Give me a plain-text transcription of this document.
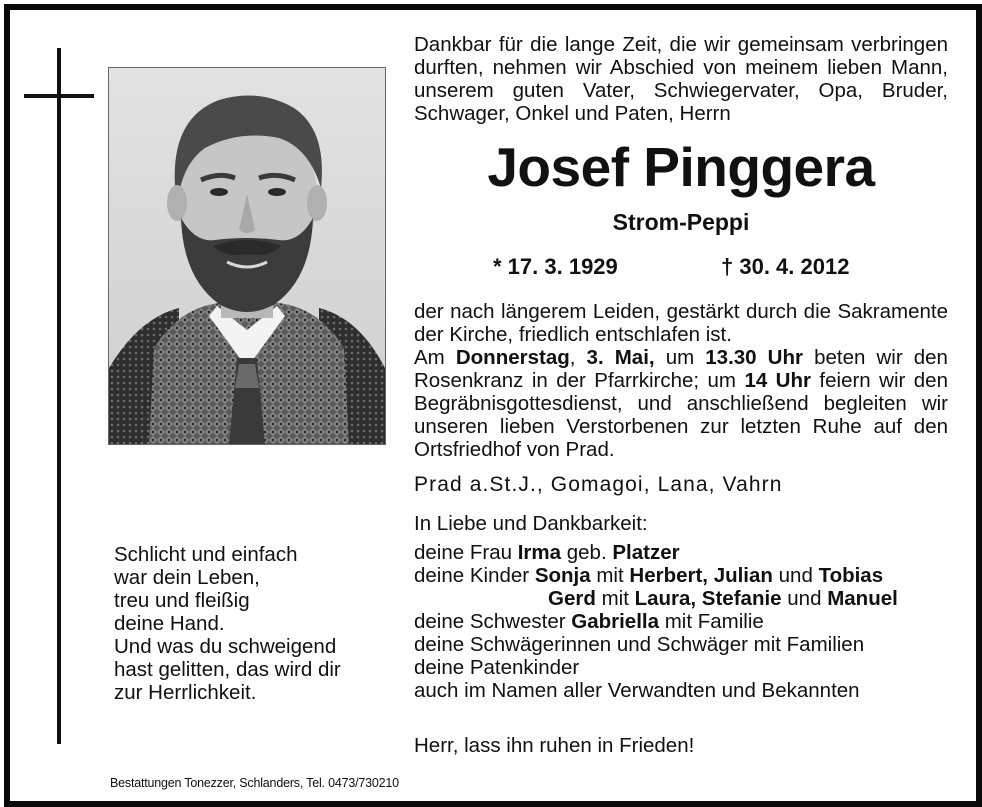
Dankbar für die lange Zeit, die wir gemeinsam verbringen durften, nehmen wir Abschied von meinem lieben Mann, unserem guten Vater, Schwiegervater, Opa, Bruder, Schwager, Onkel und Paten, Herrn
Josef Pinggera
Strom-Peppi
* 17. 3. 1929	† 30. 4. 2012

der nach längerem Leiden, gestärkt durch die Sakramente der Kirche, friedlich entschlafen ist.

Am Donnerstag, 3. Mai, um 13.30 Uhr beten wir den Rosenkranz in der Pfarrkirche; um 14 Uhr feiern wir den Begräbnisgottesdienst, und anschließend begleiten wir unseren lieben Verstorbenen zur letzten Ruhe auf den Ortsfriedhof von Prad.

Prad a.St.J., Gomagoi, Lana, Vahrn
In Liebe und Dankbarkeit:
deine Frau Irma geb. Platzer
deine Kinder Sonja mit Herbert, Julian und Tobias
Gerd mit Laura, Stefanie und Manuel
deine Schwester Gabriella mit Familie
deine Schwägerinnen und Schwäger mit Familien
deine Patenkinder
auch im Namen aller Verwandten und Bekannten
Schlicht und einfach
war dein Leben,
treu und fleißig
deine Hand.
Und was du schweigend
hast gelitten, das wird dir
zur Herrlichkeit.
Herr, lass ihn ruhen in Frieden!
Bestattungen Tonezzer, Schlanders, Tel. 0473/730210
